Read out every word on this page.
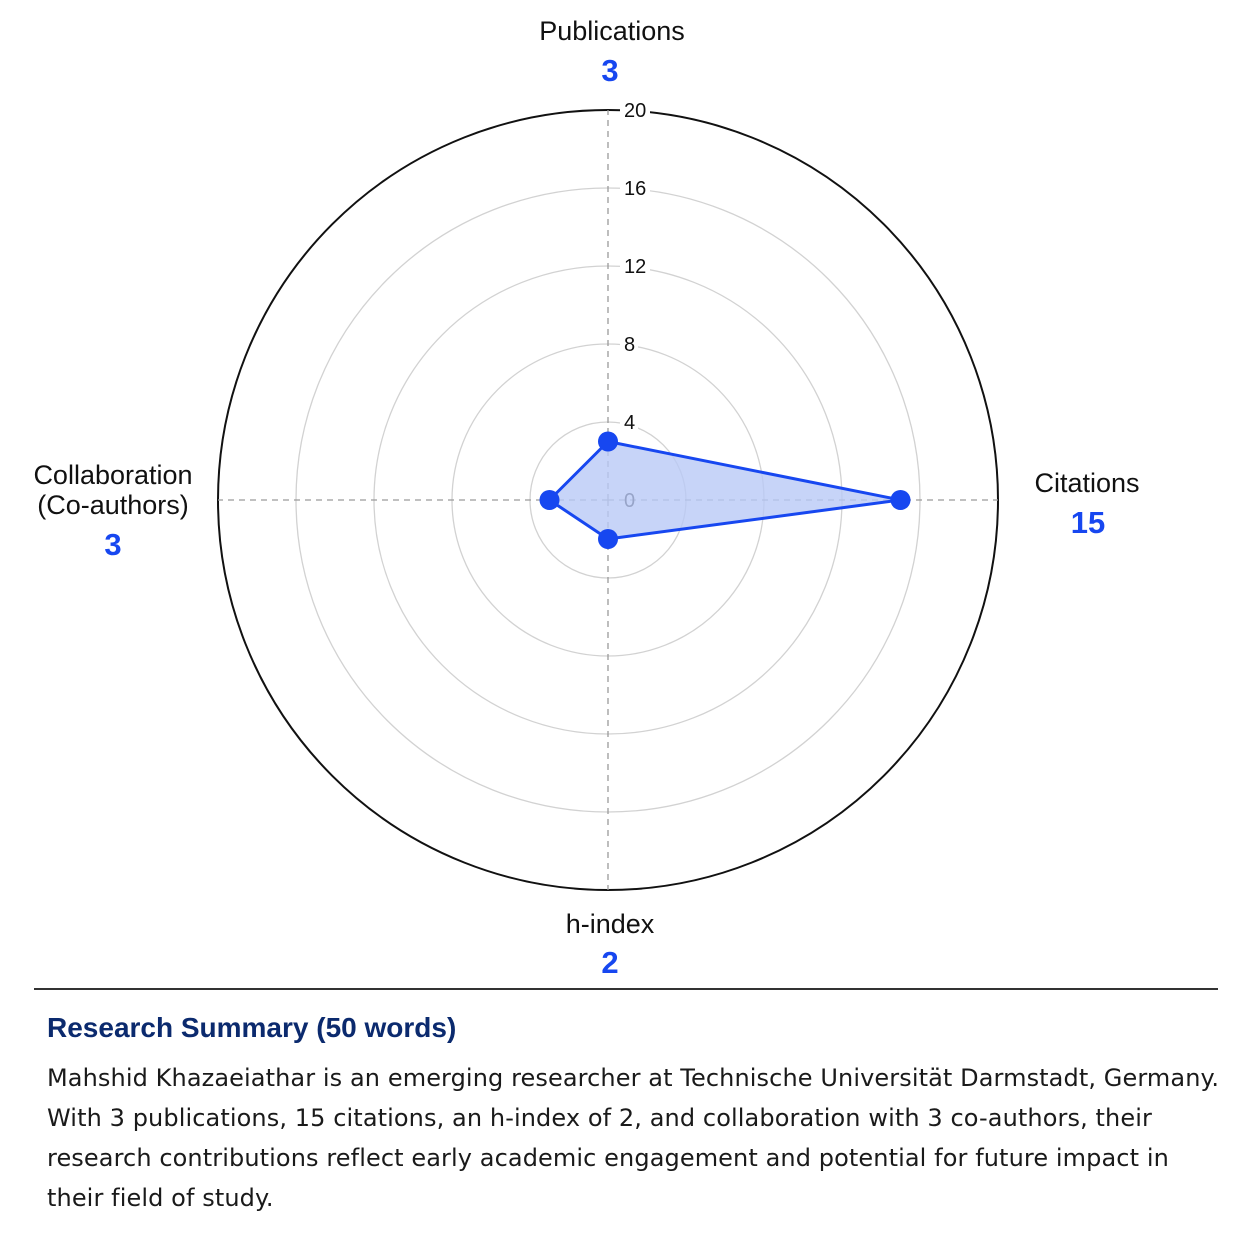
4
8
12
16
20
Publications
3
Citations
15
h-index
2
Collaboration (Co-authors)
3
Research Summary (50 words)

Mahshid Khazaeiathar is an emerging researcher at Technische Universität Darmstadt, Germany. With 3 publications, 15 citations, an h-index of 2, and collaboration with 3 co-authors, their research contributions reflect early academic engagement and potential for future impact in their field of study.
